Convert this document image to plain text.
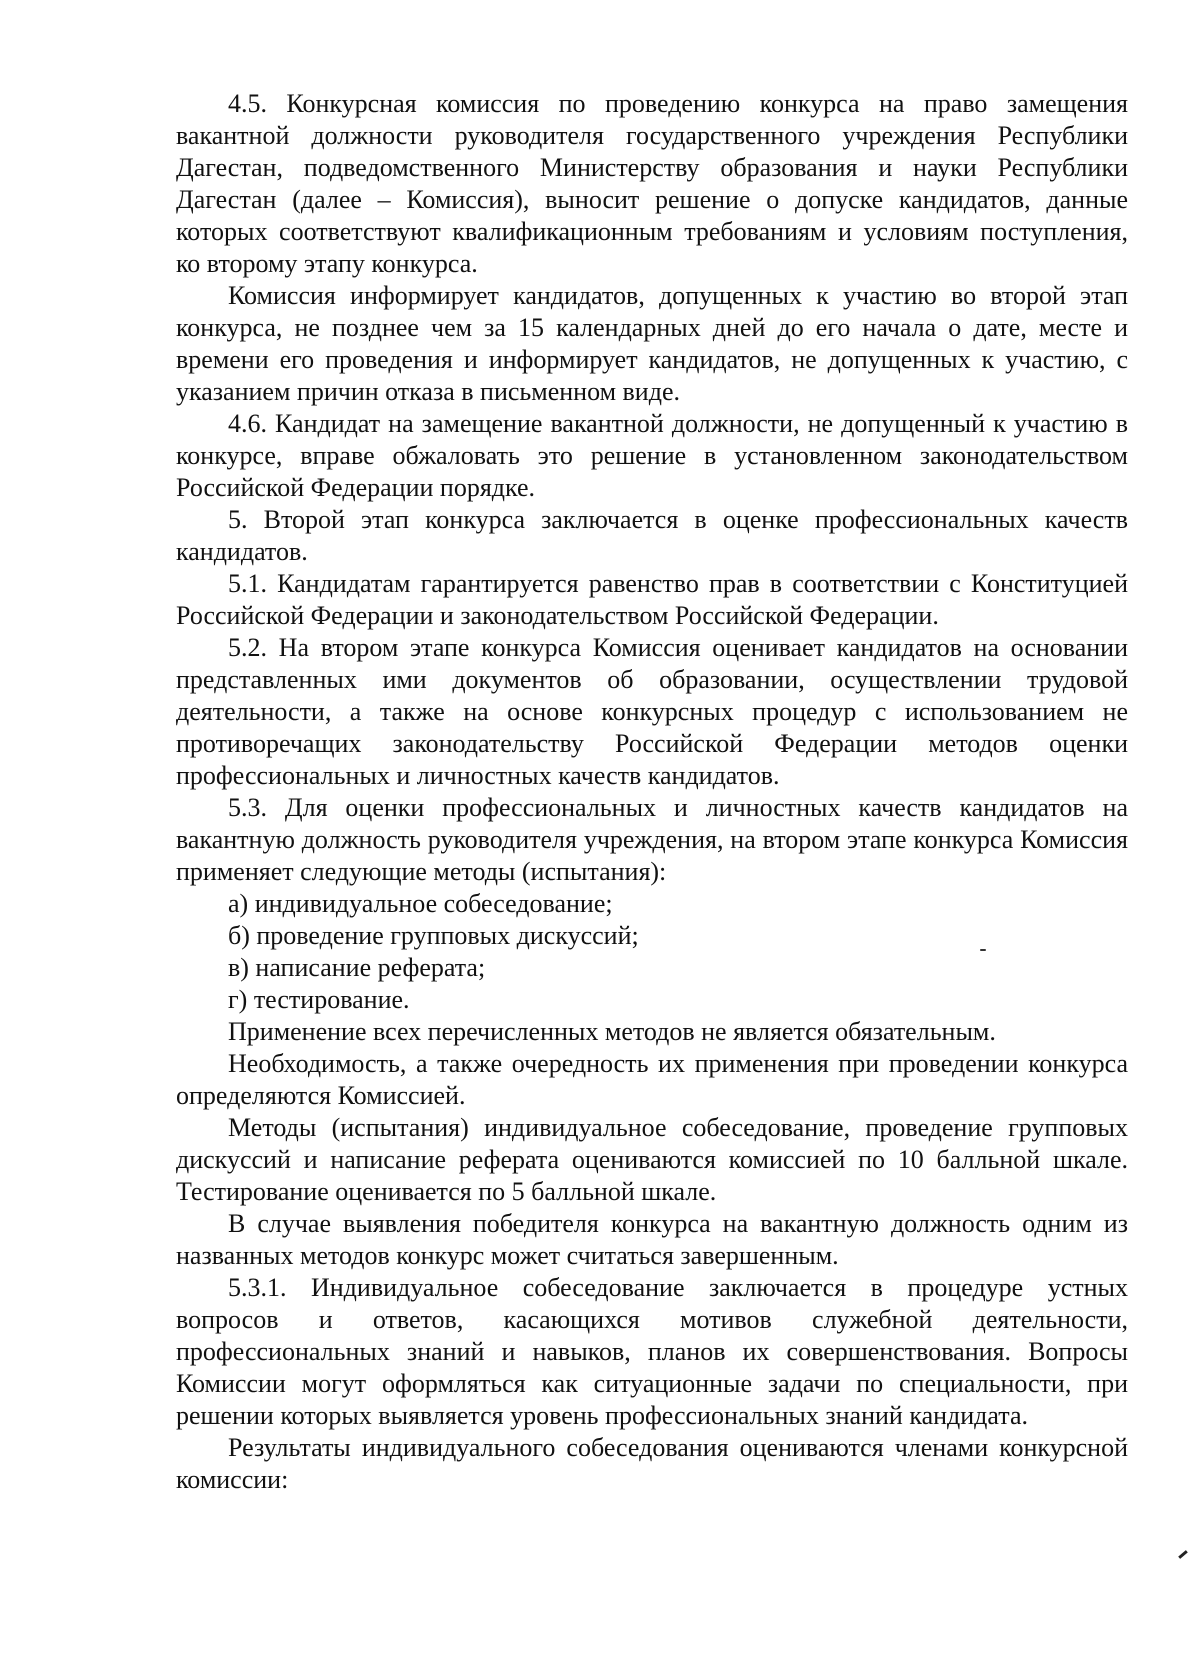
4.5. Конкурсная комиссия по проведению конкурса на право замещения вакантной должности руководителя государственного учреждения Республики Дагестан, подведомственного Министерству образования и науки Республики Дагестан (далее – Комиссия), выносит решение о допуске кандидатов, данные которых соответствуют квалификационным требованиям и условиям поступления, ко второму этапу конкурса.

Комиссия информирует кандидатов, допущенных к участию во второй этап конкурса, не позднее чем за 15 календарных дней до его начала о дате, месте и времени его проведения и информирует кандидатов, не допущенных к участию, с указанием причин отказа в письменном виде.

4.6. Кандидат на замещение вакантной должности, не допущенный к участию в конкурсе, вправе обжаловать это решение в установленном законодательством Российской Федерации порядке.

5. Второй этап конкурса заключается в оценке профессиональных качеств кандидатов.

5.1. Кандидатам гарантируется равенство прав в соответствии с Конституцией Российской Федерации и законодательством Российской Федерации.

5.2. На втором этапе конкурса Комиссия оценивает кандидатов на основании представленных ими документов об образовании, осуществлении трудовой деятельности, а также на основе конкурсных процедур с использованием не противоречащих законодательству Российской Федерации методов оценки профессиональных и личностных качеств кандидатов.

5.3. Для оценки профессиональных и личностных качеств кандидатов на вакантную должность руководителя учреждения, на втором этапе конкурса Комиссия применяет следующие методы (испытания):

а) индивидуальное собеседование;

б) проведение групповых дискуссий;

в) написание реферата;

г) тестирование.

Применение всех перечисленных методов не является обязательным.

Необходимость, а также очередность их применения при проведении конкурса определяются Комиссией.

Методы (испытания) индивидуальное собеседование, проведение групповых дискуссий и написание реферата оцениваются комиссией по 10 балльной шкале. Тестирование оценивается по 5 балльной шкале.

В случае выявления победителя конкурса на вакантную должность одним из названных методов конкурс может считаться завершенным.

5.3.1. Индивидуальное собеседование заключается в процедуре устных вопросов и ответов, касающихся мотивов служебной деятельности, профессиональных знаний и навыков, планов их совершенствования. Вопросы Комиссии могут оформляться как ситуационные задачи по специальности, при решении которых выявляется уровень профессиональных знаний кандидата.

Результаты индивидуального собеседования оцениваются членами конкурсной комиссии:
